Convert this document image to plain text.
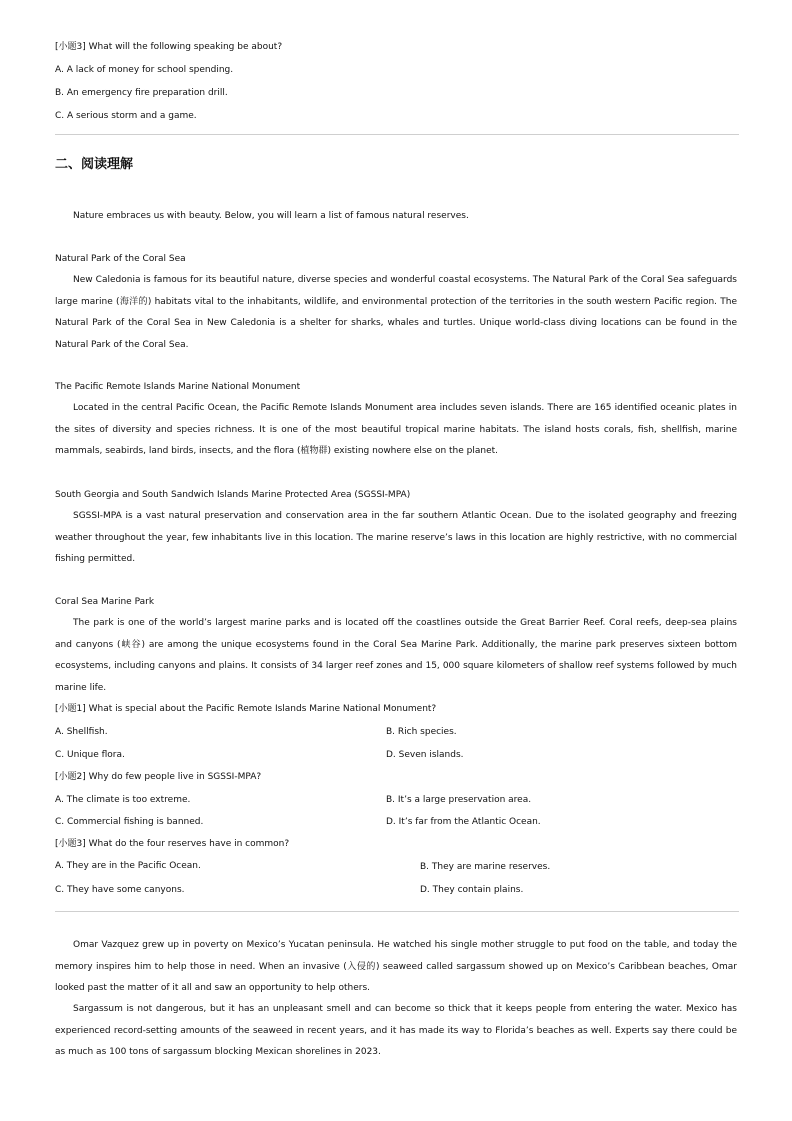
[小题3] What will the following speaking be about?
A. A lack of money for school spending.
B. An emergency fire preparation drill.
C. A serious storm and a game.
二、阅读理解
Nature embraces us with beauty. Below, you will learn a list of famous natural reserves.
Natural Park of the Coral Sea
New Caledonia is famous for its beautiful nature, diverse species and wonderful coastal ecosystems. The Natural Park of the Coral Sea safeguards large marine (海洋的) habitats vital to the inhabitants, wildlife, and environmental protection of the territories in the south western Pacific region. The Natural Park of the Coral Sea in New Caledonia is a shelter for sharks, whales and turtles. Unique world-class diving locations can be found in the Natural Park of the Coral Sea.
The Pacific Remote Islands Marine National Monument
Located in the central Pacific Ocean, the Pacific Remote Islands Monument area includes seven islands. There are 165 identified oceanic plates in the sites of diversity and species richness. It is one of the most beautiful tropical marine habitats. The island hosts corals, fish, shellfish, marine mammals, seabirds, land birds, insects, and the flora (植物群) existing nowhere else on the planet.
South Georgia and South Sandwich Islands Marine Protected Area (SGSSI-MPA)
SGSSI-MPA is a vast natural preservation and conservation area in the far southern Atlantic Ocean. Due to the isolated geography and freezing weather throughout the year, few inhabitants live in this location. The marine reserve’s laws in this location are highly restrictive, with no commercial fishing permitted.
Coral Sea Marine Park
The park is one of the world’s largest marine parks and is located off the coastlines outside the Great Barrier Reef. Coral reefs, deep-sea plains and canyons (峡谷) are among the unique ecosystems found in the Coral Sea Marine Park. Additionally, the marine park preserves sixteen bottom ecosystems, including canyons and plains. It consists of 34 larger reef zones and 15, 000 square kilometers of shallow reef systems followed by much marine life.
[小题1] What is special about the Pacific Remote Islands Marine National Monument?
A. Shellfish.	B. Rich species.
C. Unique flora.	D. Seven islands.
[小题2] Why do few people live in SGSSI-MPA?
A. The climate is too extreme.	B. It’s a large preservation area.
C. Commercial fishing is banned.	D. It’s far from the Atlantic Ocean.
[小题3] What do the four reserves have in common?
A. They are in the Pacific Ocean.	B. They are marine reserves.
C. They have some canyons.	D. They contain plains.
Omar Vazquez grew up in poverty on Mexico’s Yucatan peninsula. He watched his single mother struggle to put food on the table, and today the memory inspires him to help those in need. When an invasive (入侵的) seaweed called sargassum showed up on Mexico’s Caribbean beaches, Omar looked past the matter of it all and saw an opportunity to help others.
Sargassum is not dangerous, but it has an unpleasant smell and can become so thick that it keeps people from entering the water. Mexico has experienced record-setting amounts of the seaweed in recent years, and it has made its way to Florida’s beaches as well. Experts say there could be as much as 100 tons of sargassum blocking Mexican shorelines in 2023.
